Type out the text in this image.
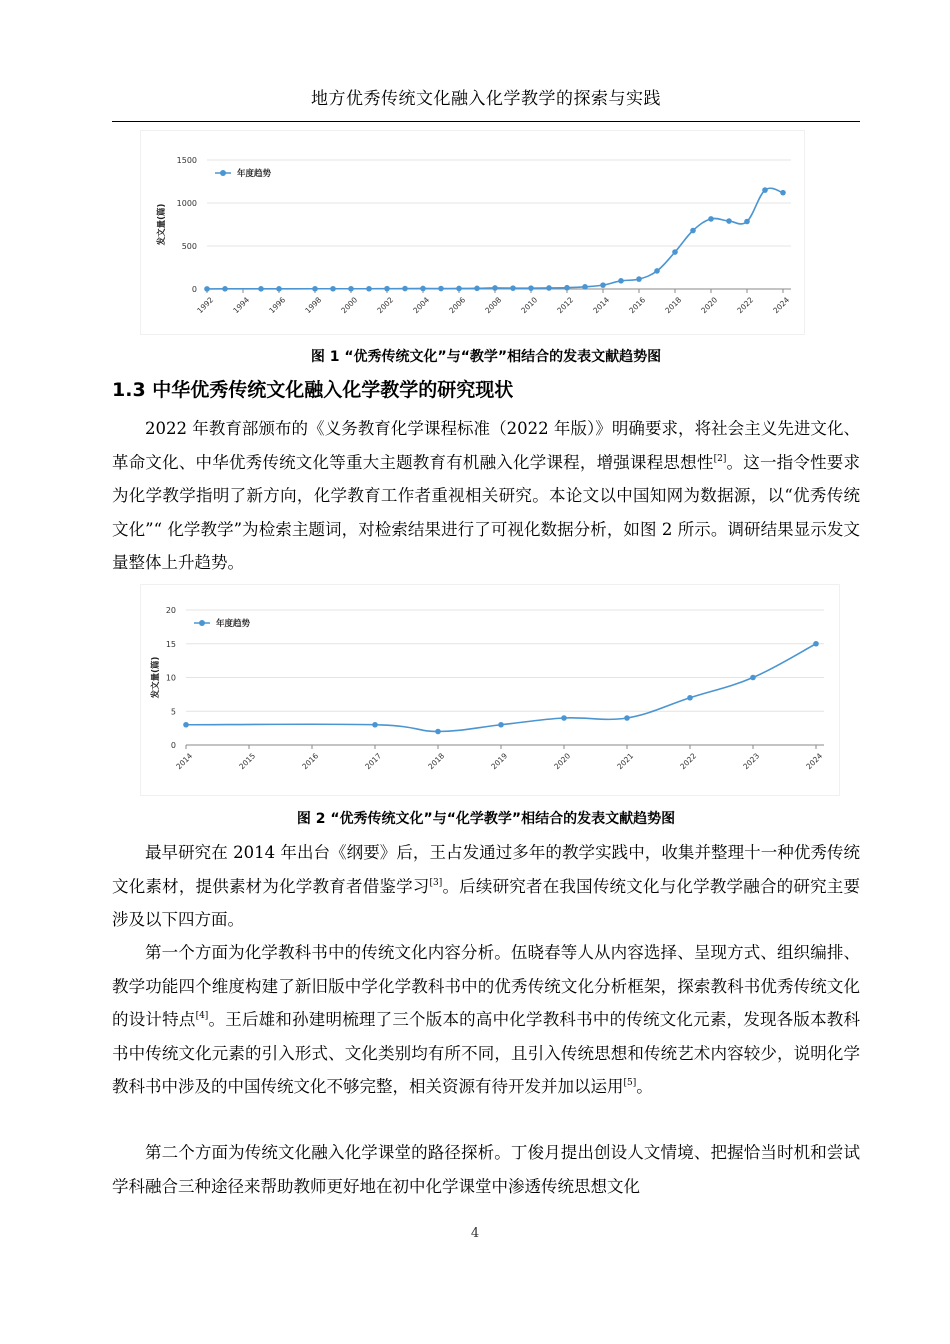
地方优秀传统文化融入化学教学的探索与实践
0
500
1000
1500
1992 1994 1996 1998 2000 2002 2004 2006 2008 2010 2012 2014 2016 2018 2020 2022 2024
发文量(篇)
年度趋势
图 1 “优秀传统文化”与“教学”相结合的发表文献趋势图
1.3 中华优秀传统文化融入化学教学的研究现状

2022 年教育部颁布的《义务教育化学课程标准（2022 年版）》明确要求，将社会主义先进文化、革命文化、中华优秀传统文化等重大主题教育有机融入化学课程，增强课程思想性[2]。这一指令性要求为化学教学指明了新方向，化学教育工作者重视相关研究。本论文以中国知网为数据源，以“优秀传统文化”“ 化学教学”为检索主题词，对检索结果进行了可视化数据分析，如图 2 所示。调研结果显示发文量整体上升趋势。

0
5
10
15
20
2014	2015	2016	2017	2018	2019	2020	2021	2022	2023	2024
发文量(篇)
年度趋势
图 2 “优秀传统文化”与“化学教学”相结合的发表文献趋势图

最早研究在 2014 年出台《纲要》后，王占发通过多年的教学实践中，收集并整理十一种优秀传统文化素材，提供素材为化学教育者借鉴学习[3]。后续研究者在我国传统文化与化学教学融合的研究主要涉及以下四方面。

第一个方面为化学教科书中的传统文化内容分析。伍晓春等人从内容选择、呈现方式、组织编排、教学功能四个维度构建了新旧版中学化学教科书中的优秀传统文化分析框架，探索教科书优秀传统文化的设计特点[4]。王后雄和孙建明梳理了三个版本的高中化学教科书中的传统文化元素，发现各版本教科书中传统文化元素的引入形式、文化类别均有所不同，且引入传统思想和传统艺术内容较少，说明化学教科书中涉及的中国传统文化不够完整，相关资源有待开发并加以运用[5]。

第二个方面为传统文化融入化学课堂的路径探析。丁俊月提出创设人文情境、把握恰当时机和尝试学科融合三种途径来帮助教师更好地在初中化学课堂中渗透传统思想文化

4
